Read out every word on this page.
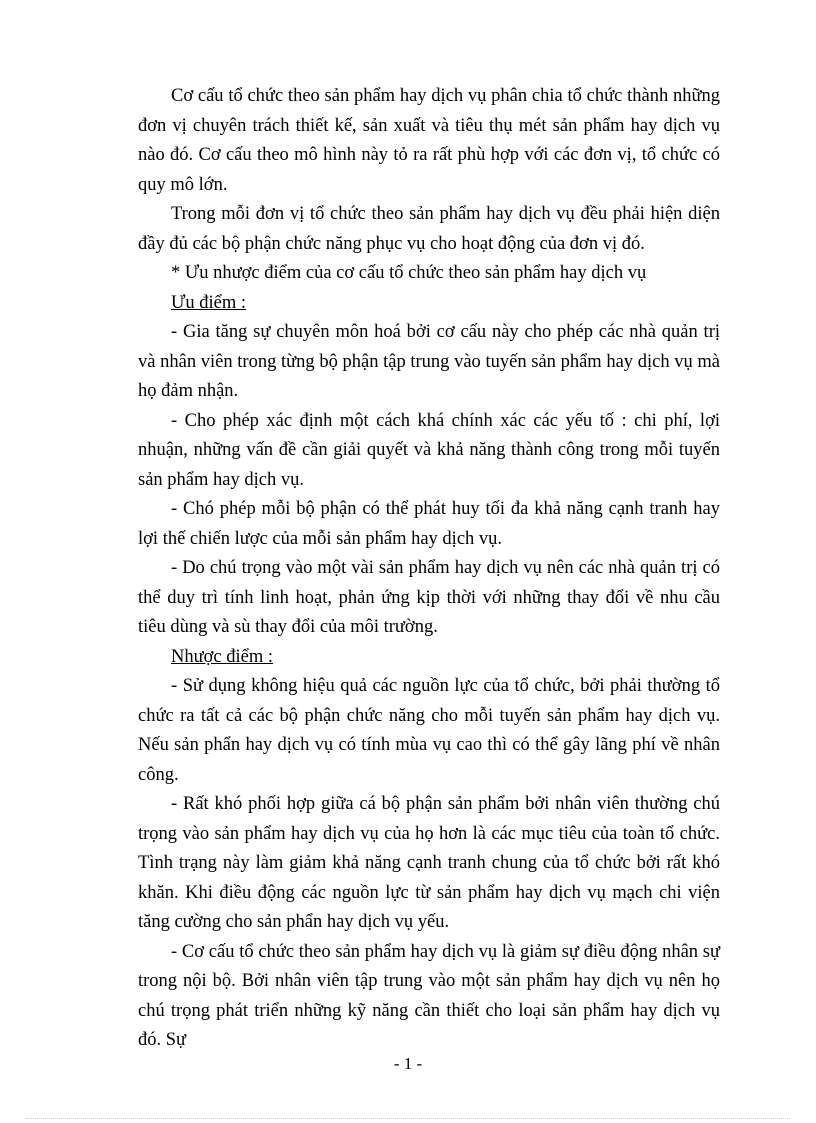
Cơ cấu tổ chức theo sản phẩm hay dịch vụ phân chia tổ chức thành những đơn vị chuyên trách thiết kế, sản xuất và tiêu thụ mét sản phẩm hay dịch vụ nào đó. Cơ cấu theo mô hình này tỏ ra rất phù hợp với các đơn vị, tổ chức có quy mô lớn.

Trong mỗi đơn vị tổ chức theo sản phẩm hay dịch vụ đều phải hiện diện đầy đủ các bộ phận chức năng phục vụ cho hoạt động của đơn vị đó.

* Ưu nhược điểm của cơ cấu tổ chức theo sản phẩm hay dịch vụ

Ưu điểm :

- Gia tăng sự chuyên môn hoá bởi cơ cấu này cho phép các nhà quản trị và nhân viên trong từng bộ phận tập trung vào tuyến sản phẩm hay dịch vụ mà họ đảm nhận.

- Cho phép xác định một cách khá chính xác các yếu tố : chi phí, lợi nhuận, những vấn đề cần giải quyết và khả năng thành công trong mỗi tuyến sản phẩm hay dịch vụ.

- Chó phép mỗi bộ phận có thể phát huy tối đa khả năng cạnh tranh hay lợi thế chiến lược của mỗi sản phẩm hay dịch vụ.

- Do chú trọng vào một vài sản phẩm hay dịch vụ nên các nhà quản trị có thể duy trì tính linh hoạt, phản ứng kịp thời với những thay đổi về nhu cầu tiêu dùng và sù thay đổi của môi trường.

Nhược điểm :

- Sử dụng không hiệu quả các nguồn lực của tổ chức, bởi phải thường tổ chức ra tất cả các bộ phận chức năng cho mỗi tuyến sản phẩm hay dịch vụ. Nếu sản phẩn hay dịch vụ có tính mùa vụ cao thì có thể gây lãng phí về nhân công.

- Rất khó phối hợp giữa cá bộ phận sản phẩm bởi nhân viên thường chú trọng vào sản phẩm hay dịch vụ của họ hơn là các mục tiêu của toàn tổ chức. Tình trạng này làm giảm khả năng cạnh tranh chung của tổ chức bởi rất khó khăn. Khi điều động các nguồn lực từ sản phẩm hay dịch vụ mạch chi viện tăng cường cho sản phẩn hay dịch vụ yếu.

- Cơ cấu tổ chức theo sản phẩm hay dịch vụ là giảm sự điều động nhân sự trong nội bộ. Bởi nhân viên tập trung vào một sản phẩm hay dịch vụ nên họ chú trọng phát triển những kỹ năng cần thiết cho loại sản phẩm hay dịch vụ đó. Sự

- 1 -
